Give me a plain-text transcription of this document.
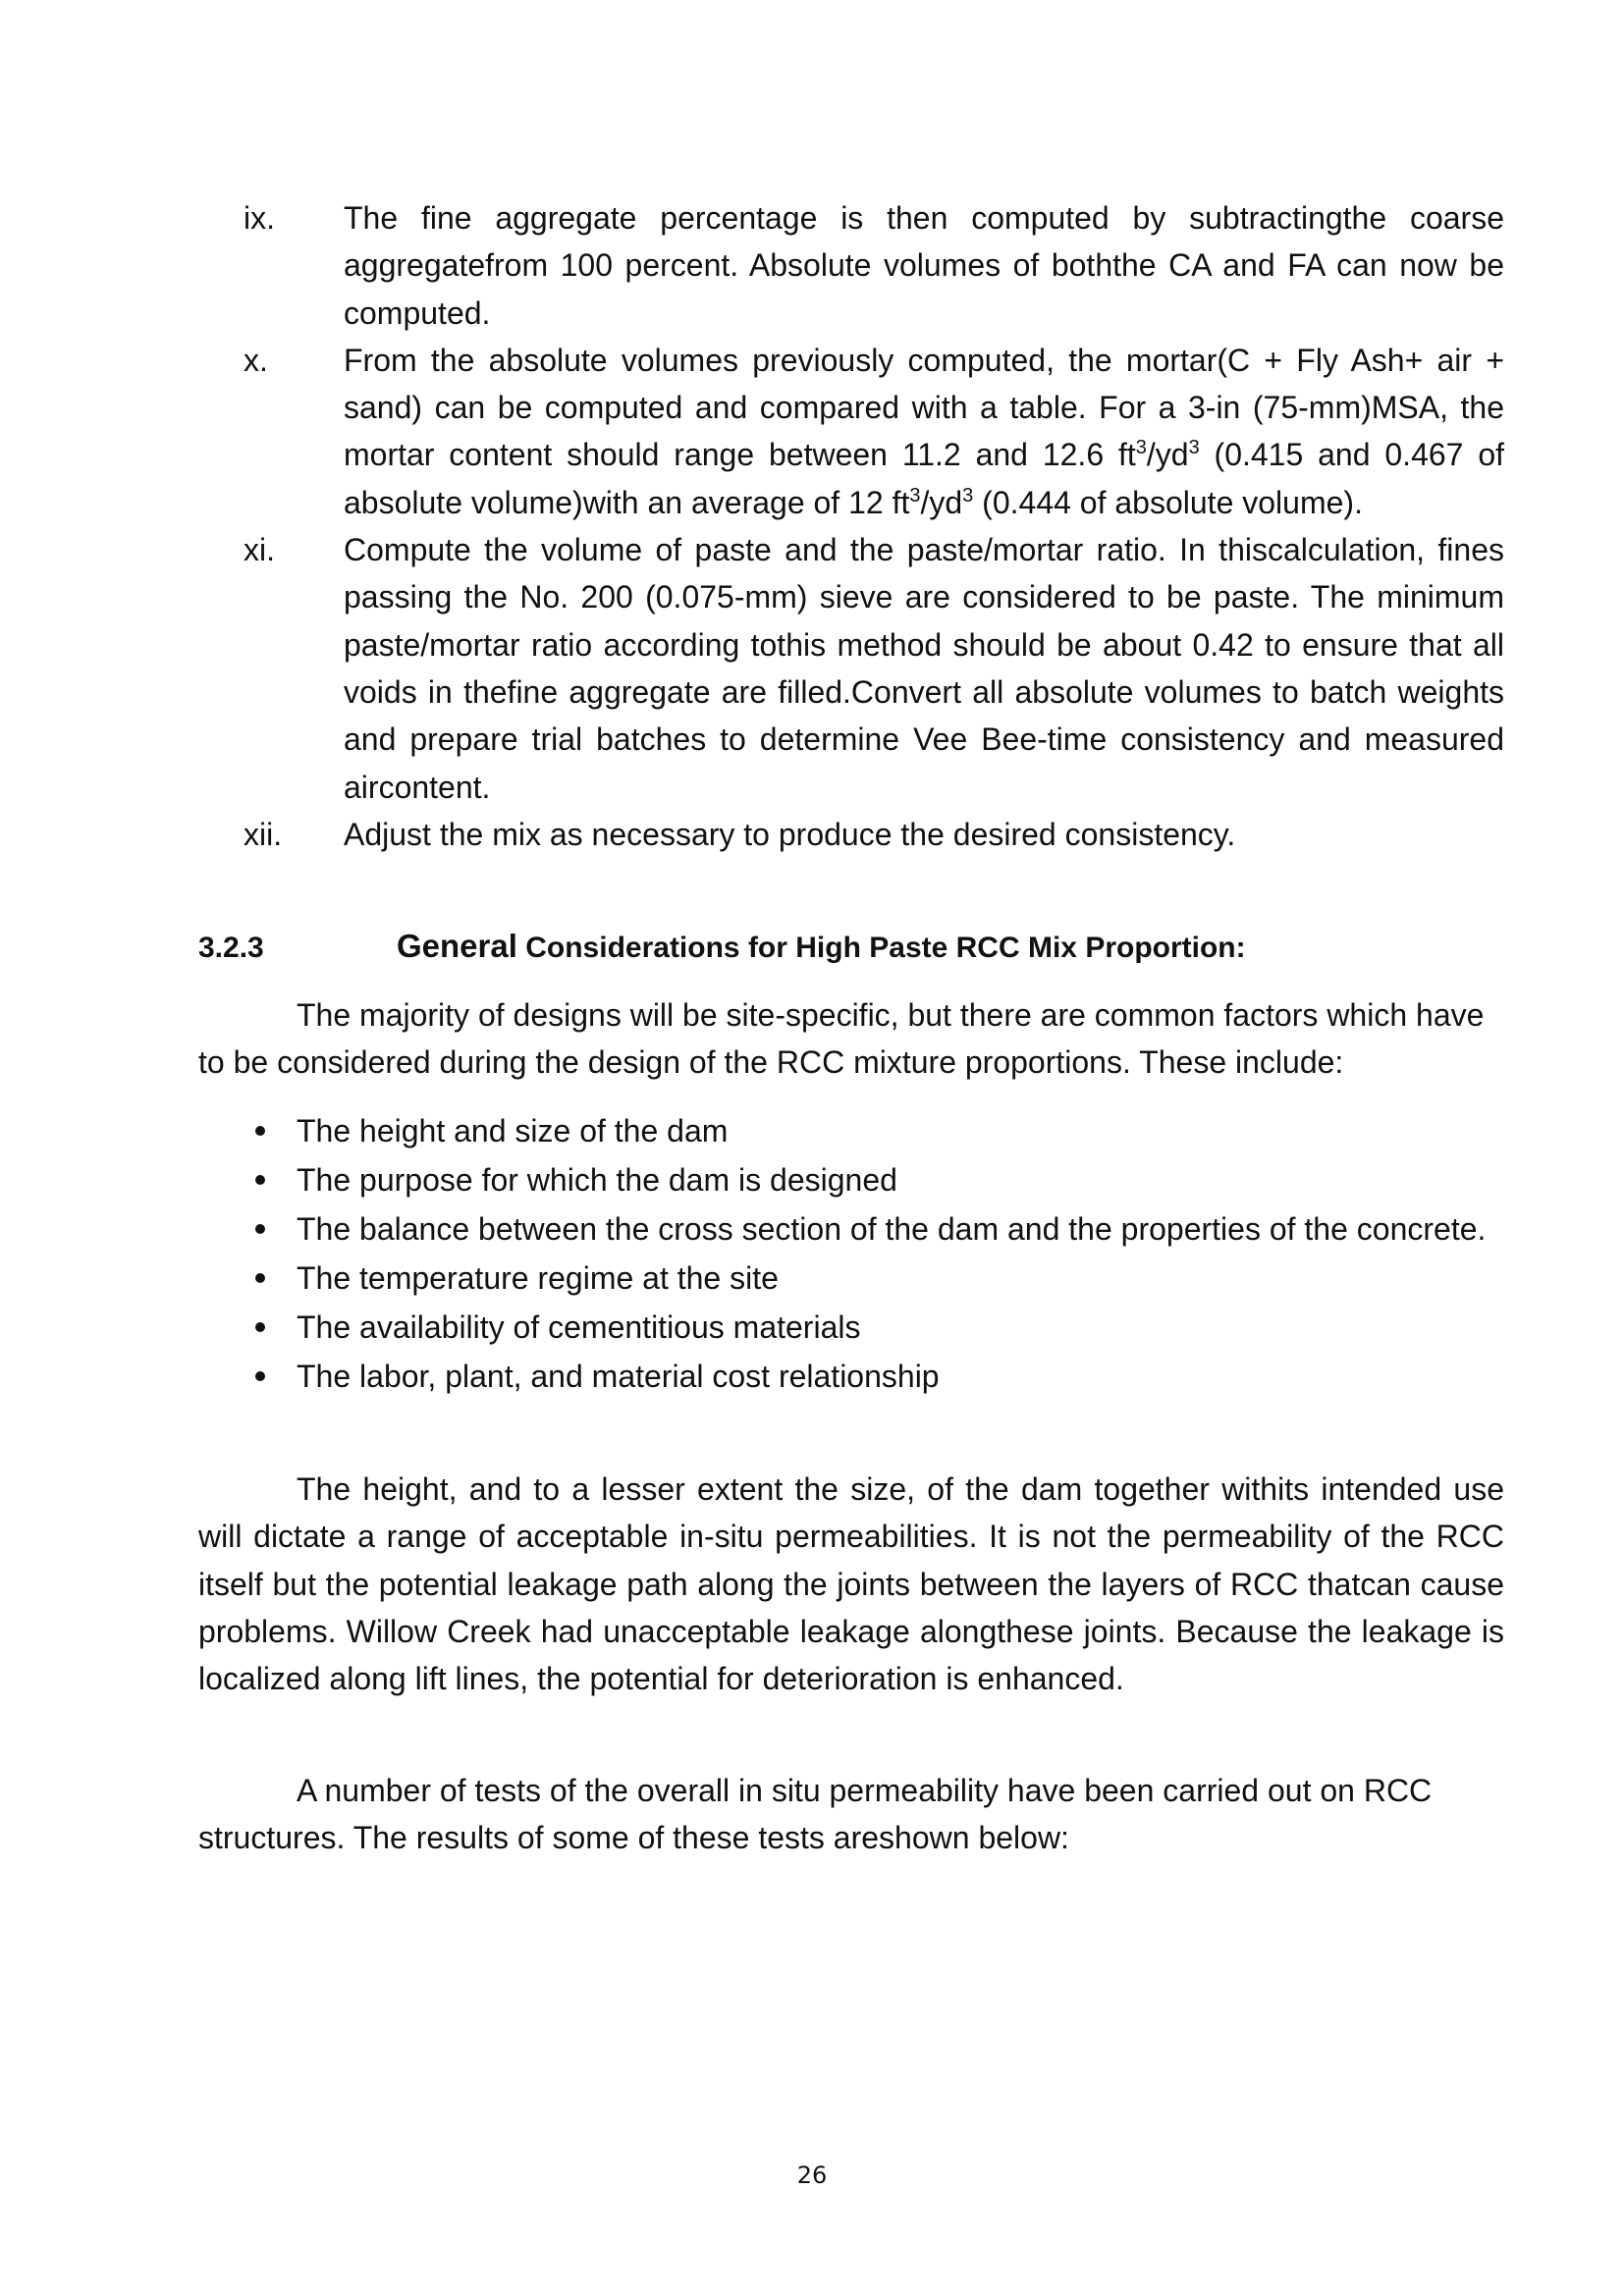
ix. The fine aggregate percentage is then computed by subtractingthe coarse aggregatefrom 100 percent. Absolute volumes of boththe CA and FA can now be computed.
x. From the absolute volumes previously computed, the mortar(C + Fly Ash+ air + sand) can be computed and compared with a table. For a 3-in (75-mm)MSA, the mortar content should range between 11.2 and 12.6 $ft^3/yd^3$ (0.415 and 0.467 of absolute volume)with an average of 12 $ft^3/yd^3$ (0.444 of absolute volume).
xi. Compute the volume of paste and the paste/mortar ratio. In thiscalculation, fines passing the No. 200 (0.075-mm) sieve are considered to be paste. The minimum paste/mortar ratio according tothis method should be about 0.42 to ensure that all voids in thefine aggregate are filled.Convert all absolute volumes to batch weights and prepare trial batches to determine Vee Bee-time consistency and measured aircontent.
xii. Adjust the mix as necessary to produce the desired consistency.
3.2.3	General Considerations for High Paste RCC Mix Proportion:

The majority of designs will be site-specific, but there are common factors which have to be considered during the design of the RCC mixture proportions. These include:

The height and size of the dam
The purpose for which the dam is designed
The balance between the cross section of the dam and the properties of the concrete.
The temperature regime at the site
The availability of cementitious materials
The labor, plant, and material cost relationship

The height, and to a lesser extent the size, of the dam together withits intended use will dictate a range of acceptable in-situ permeabilities. It is not the permeability of the RCC itself but the potential leakage path along the joints between the layers of RCC thatcan cause problems. Willow Creek had unacceptable leakage alongthese joints. Because the leakage is localized along lift lines, the potential for deterioration is enhanced.

A number of tests of the overall in situ permeability have been carried out on RCC structures. The results of some of these tests areshown below:

26
